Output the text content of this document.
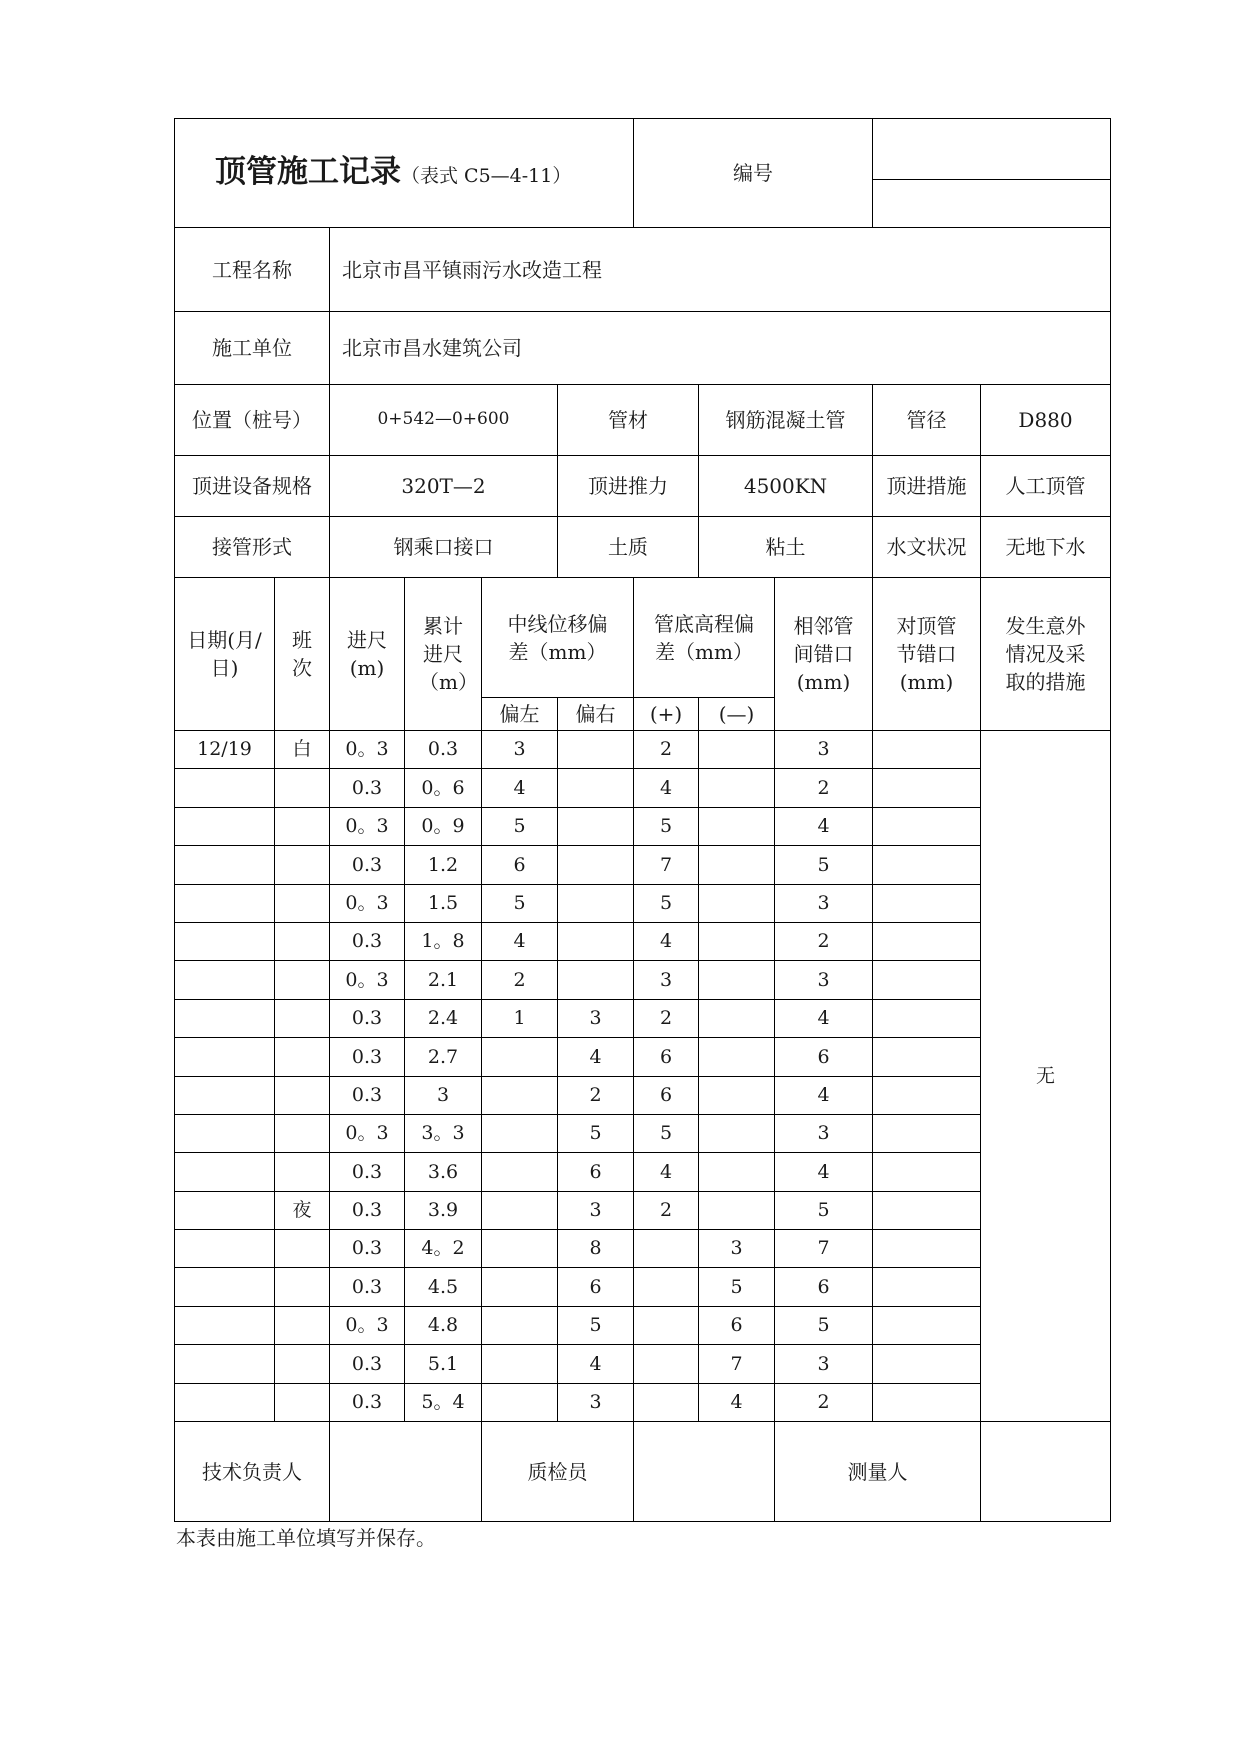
顶管施工记录（表式 C5—4-11）						编号				

工程名称		北京市昌平镇雨污水改造工程								
施工单位		北京市昌水建筑公司								
位置（桩号）		0+542—0+600			管材		钢筋混凝土管		管径	D880
顶进设备规格		320T—2			顶进推力		4500KN		顶进措施	人工顶管
接管形式		钢乘口接口			土质		粘土		水文状况	无地下水
日期(月/日)	班次	进尺(m)	累计进尺（m）	中线位移偏差（mm）		管底高程偏差（mm）		相邻管间错口(mm)	对顶管节错口(mm)	发生意外情况及采取的措施
				偏左	偏右	(+)	(—)			
12/19	白	0。3	0.3	3		2		3		无
		0.3	0。6	4		4		2		
		0。3	0。9	5		5		4		
		0.3	1.2	6		7		5		
		0。3	1.5	5		5		3		
		0.3	1。8	4		4		2		
		0。3	2.1	2		3		3		
		0.3	2.4	1	3	2		4		
		0.3	2.7		4	6		6		
		0.3	3		2	6		4		
		0。3	3。3		5	5		3		
		0.3	3.6		6	4		4		
	夜	0.3	3.9		3	2		5		
		0.3	4。2		8		3	7		
		0.3	4.5		6		5	6		
		0。3	4.8		5		6	5		
		0.3	5.1		4		7	3		
		0.3	5。4		3		4	2		
技术负责人				质检员				测量人		
本表由施工单位填写并保存。
